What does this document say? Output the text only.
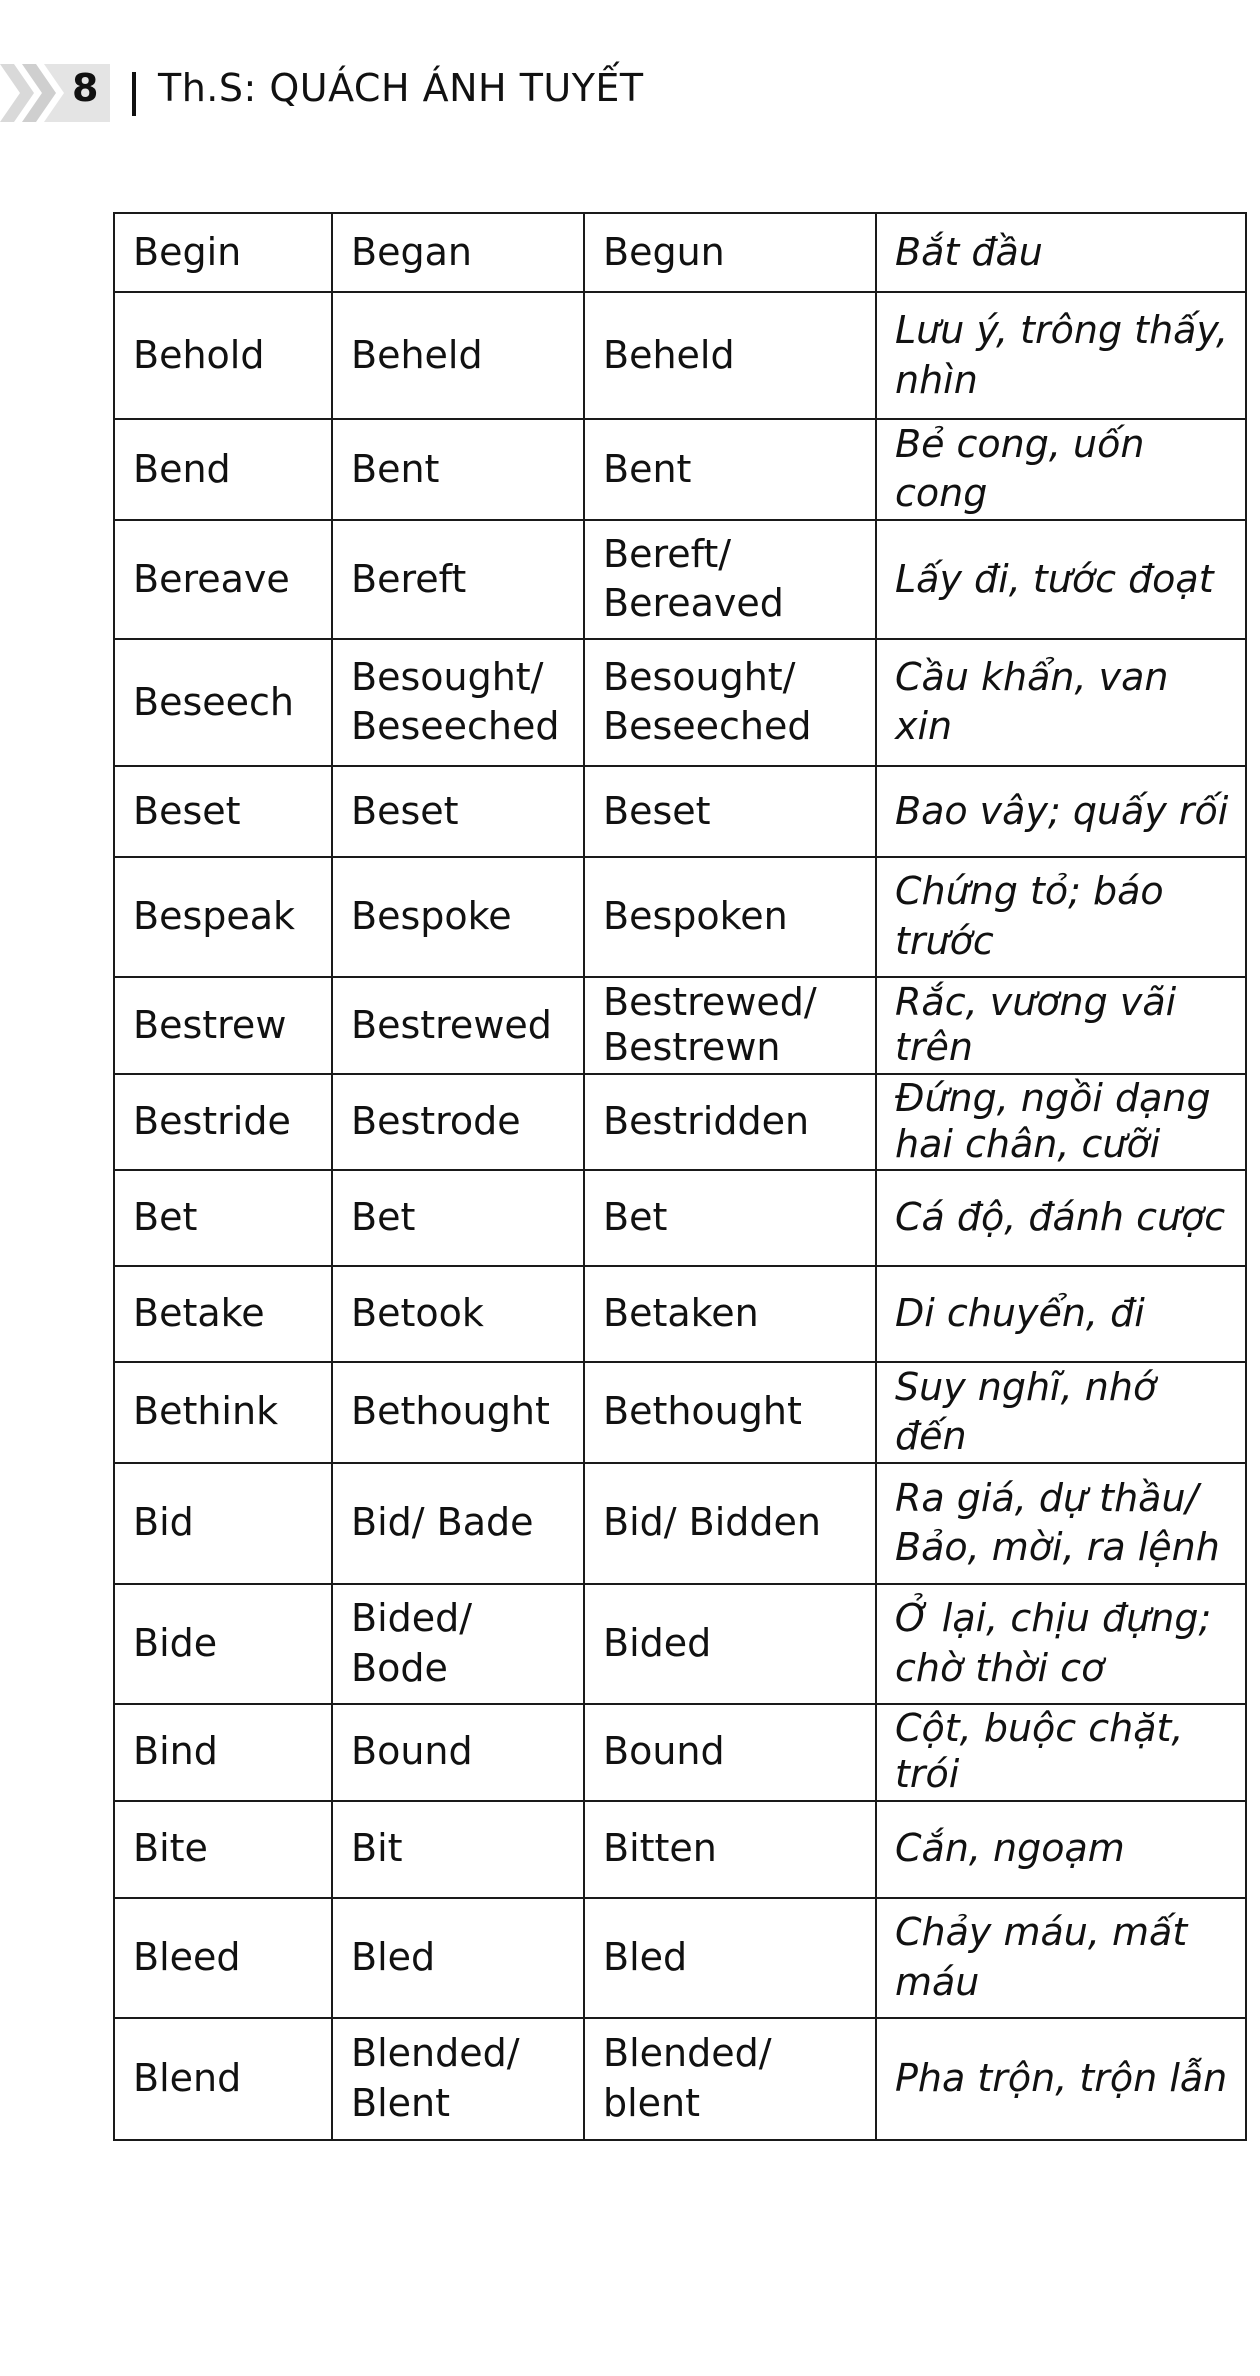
8 Th.S: QUÁCH ÁNH TUYẾT
Begin	Began	Begun	Bắt đầu
Behold	Beheld	Beheld	Lưu ý, trông thấy, nhìn
Bend	Bent	Bent	Bẻ cong, uốn cong
Bereave	Bereft	Bereft/ Bereaved	Lấy đi, tước đoạt
Beseech	Besought/ Beseeched	Besought/ Beseeched	Cầu khẩn, van xin
Beset	Beset	Beset	Bao vây; quấy rối
Bespeak	Bespoke	Bespoken	Chứng tỏ; báo trước
Bestrew	Bestrewed	Bestrewed/ Bestrewn	Rắc, vương vãi trên
Bestride	Bestrode	Bestridden	Đứng, ngồi dạng hai chân, cưỡi
Bet	Bet	Bet	Cá độ, đánh cược
Betake	Betook	Betaken	Di chuyển, đi
Bethink	Bethought	Bethought	Suy nghĩ, nhớ đến
Bid	Bid/ Bade	Bid/ Bidden	Ra giá, dự thầu/ Bảo, mời, ra lệnh
Bide	Bided/ Bode	Bided	Ở lại, chịu đựng; chờ thời cơ
Bind	Bound	Bound	Cột, buộc chặt, trói
Bite	Bit	Bitten	Cắn, ngoạm
Bleed	Bled	Bled	Chảy máu, mất máu
Blend	Blended/ Blent	Blended/ blent	Pha trộn, trộn lẫn
